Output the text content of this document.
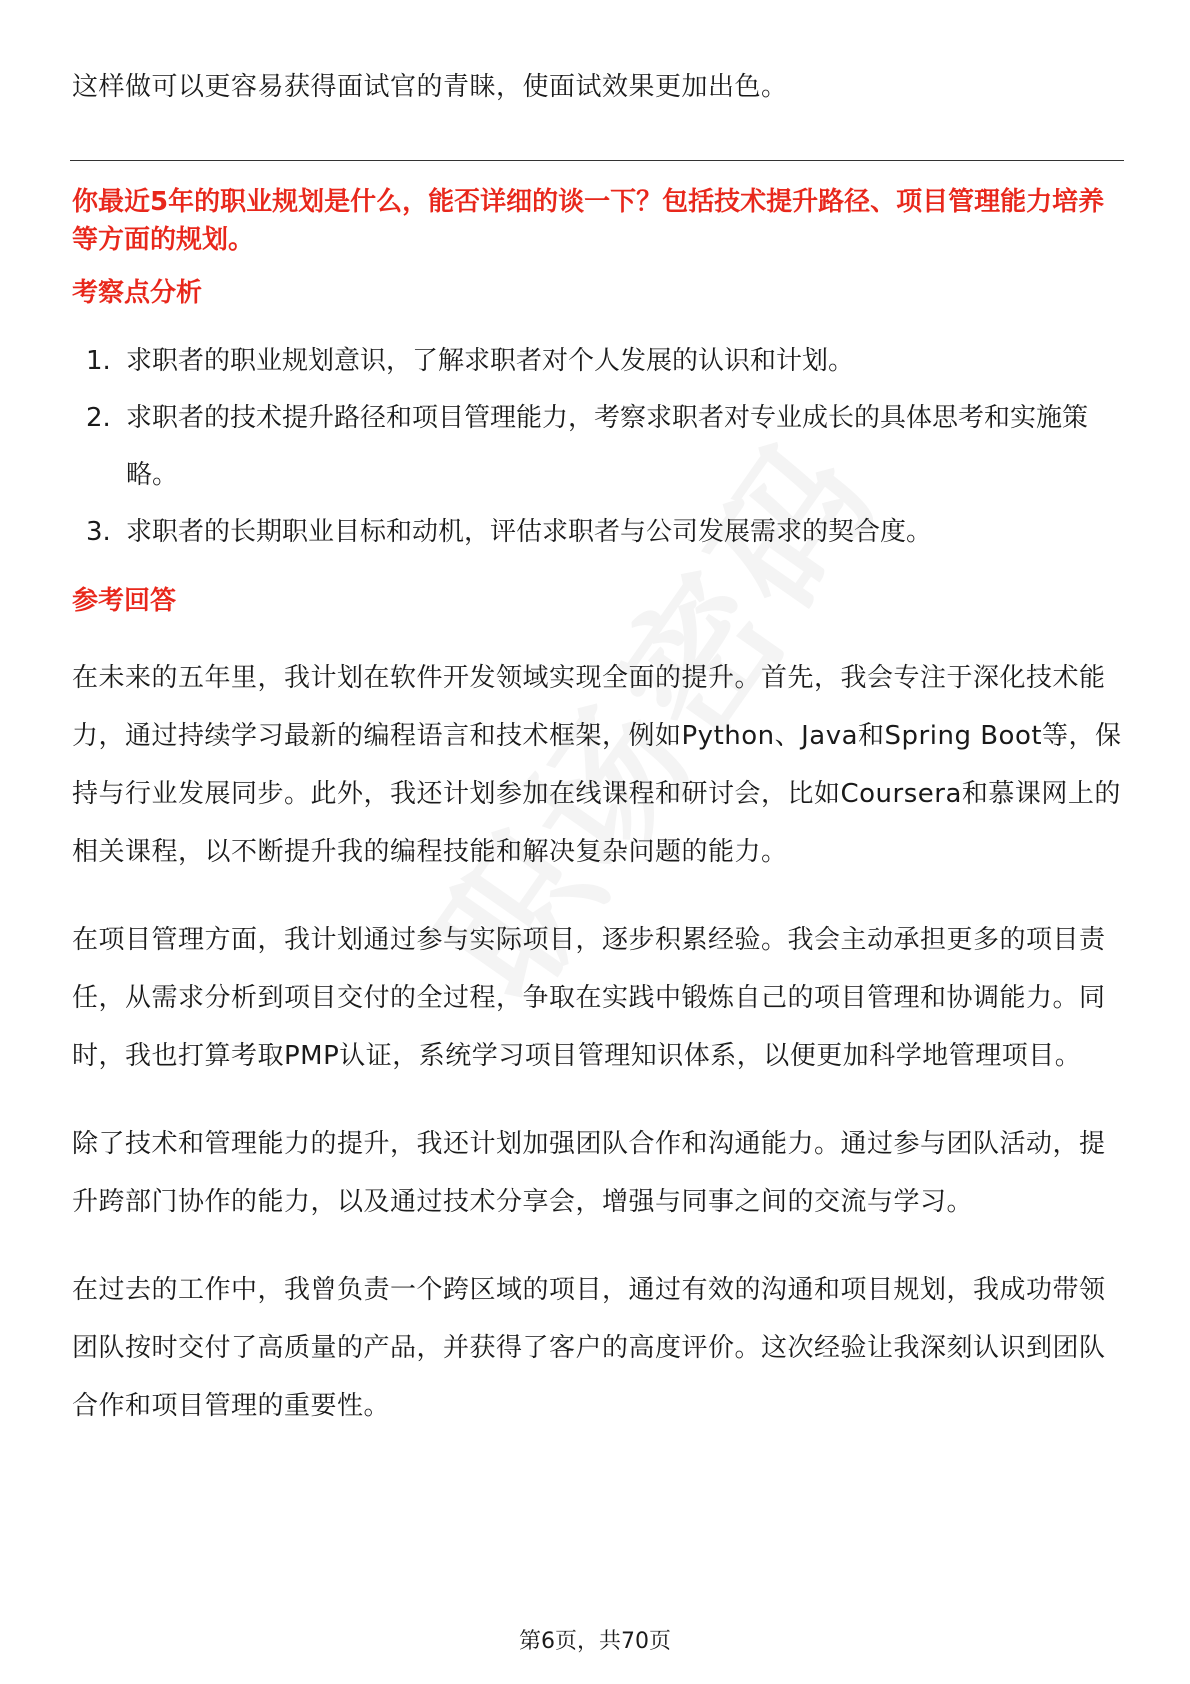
这样做可以更容易获得面试官的青睐，使面试效果更加出色。

你最近5年的职业规划是什么，能否详细的谈一下？包括技术提升路径、项目管理能力培养等方面的规划。
考察点分析
1. 求职者的职业规划意识，了解求职者对个人发展的认识和计划。
2. 求职者的技术提升路径和项目管理能力，考察求职者对专业成长的具体思考和实施策略。
3. 求职者的长期职业目标和动机，评估求职者与公司发展需求的契合度。
参考回答

在未来的五年里，我计划在软件开发领域实现全面的提升。首先，我会专注于深化技术能力，通过持续学习最新的编程语言和技术框架，例如Python、Java和Spring Boot等，保持与行业发展同步。此外，我还计划参加在线课程和研讨会，比如Coursera和慕课网上的相关课程，以不断提升我的编程技能和解决复杂问题的能力。

在项目管理方面，我计划通过参与实际项目，逐步积累经验。我会主动承担更多的项目责任，从需求分析到项目交付的全过程，争取在实践中锻炼自己的项目管理和协调能力。同时，我也打算考取PMP认证，系统学习项目管理知识体系，以便更加科学地管理项目。

除了技术和管理能力的提升，我还计划加强团队合作和沟通能力。通过参与团队活动，提升跨部门协作的能力，以及通过技术分享会，增强与同事之间的交流与学习。

在过去的工作中，我曾负责一个跨区域的项目，通过有效的沟通和项目规划，我成功带领团队按时交付了高质量的产品，并获得了客户的高度评价。这次经验让我深刻认识到团队合作和项目管理的重要性。

第6页，共70页
